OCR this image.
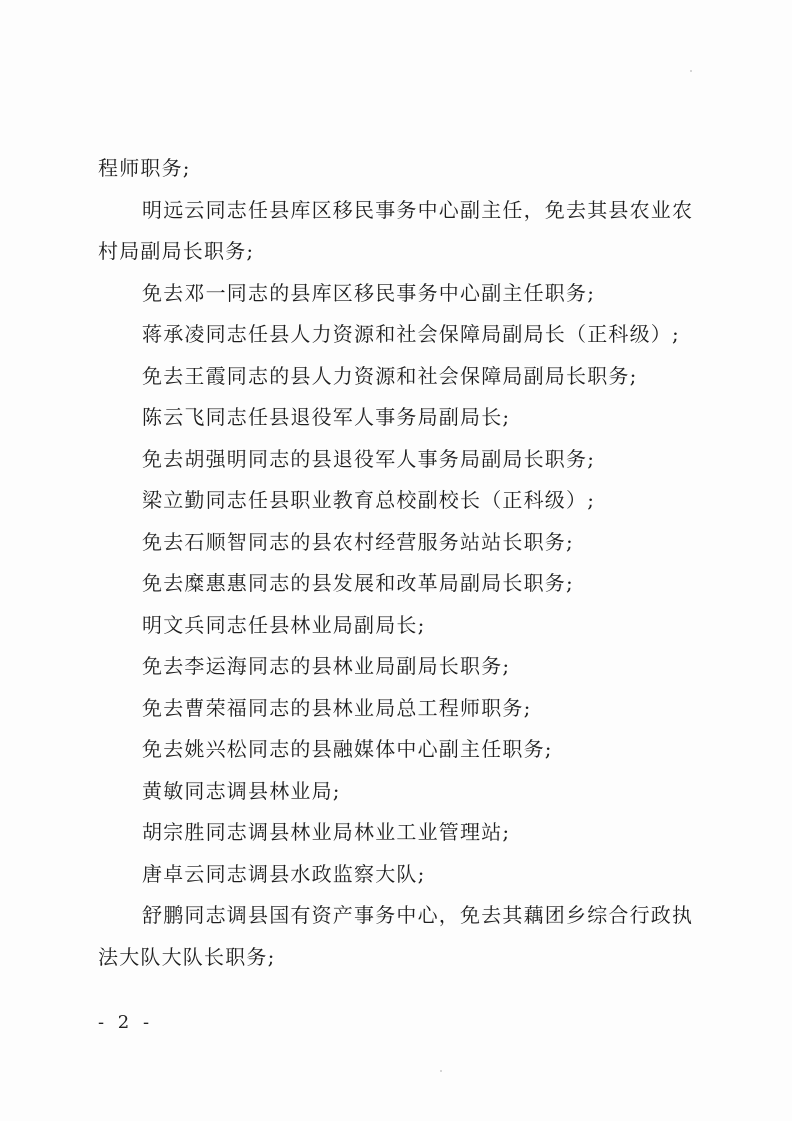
程师职务;

明远云同志任县库区移民事务中心副主任，免去其县农业农

村局副局长职务;

免去邓一同志的县库区移民事务中心副主任职务;

蒋承凌同志任县人力资源和社会保障局副局长（正科级）;

免去王霞同志的县人力资源和社会保障局副局长职务;

陈云飞同志任县退役军人事务局副局长;

免去胡强明同志的县退役军人事务局副局长职务;

梁立勤同志任县职业教育总校副校长（正科级）;

免去石顺智同志的县农村经营服务站站长职务;

免去糜惠惠同志的县发展和改革局副局长职务;

明文兵同志任县林业局副局长;

免去李运海同志的县林业局副局长职务;

免去曹荣福同志的县林业局总工程师职务;

免去姚兴松同志的县融媒体中心副主任职务;

黄敏同志调县林业局;

胡宗胜同志调县林业局林业工业管理站;

唐卓云同志调县水政监察大队;

舒鹏同志调县国有资产事务中心，免去其藕团乡综合行政执

法大队大队长职务;

- 2 -
